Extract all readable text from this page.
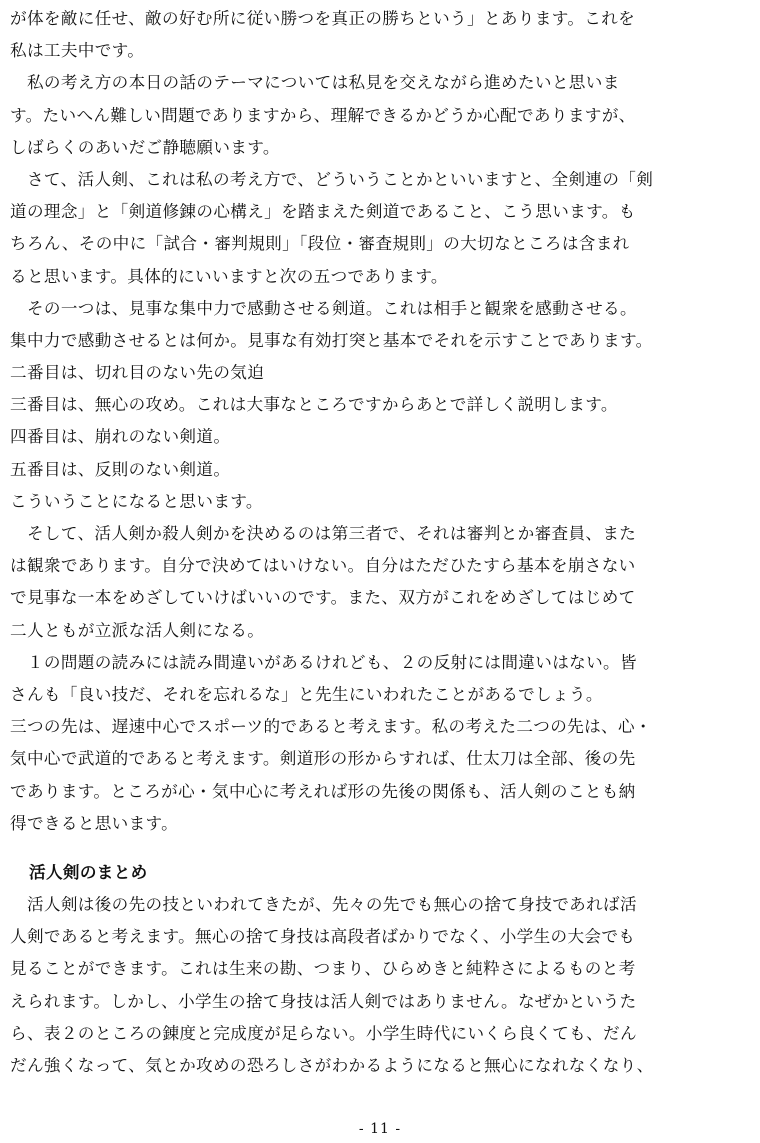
が体を敵に任せ、敵の好む所に従い勝つを真正の勝ちという」とあります。これを
私は工夫中です。
　私の考え方の本日の話のテーマについては私見を交えながら進めたいと思いま
す。たいへん難しい問題でありますから、理解できるかどうか心配でありますが、
しばらくのあいだご静聴願います。
　さて、活人剣、これは私の考え方で、どういうことかといいますと、全剣連の「剣
道の理念」と「剣道修錬の心構え」を踏まえた剣道であること、こう思います。も
ちろん、その中に「試合・審判規則」「段位・審査規則」の大切なところは含まれ
ると思います。具体的にいいますと次の五つであります。
　その一つは、見事な集中力で感動させる剣道。これは相手と観衆を感動させる。
集中力で感動させるとは何か。見事な有効打突と基本でそれを示すことであります。
二番目は、切れ目のない先の気迫
三番目は、無心の攻め。これは大事なところですからあとで詳しく説明します。
四番目は、崩れのない剣道。
五番目は、反則のない剣道。
こういうことになると思います。
　そして、活人剣か殺人剣かを決めるのは第三者で、それは審判とか審査員、また
は観衆であります。自分で決めてはいけない。自分はただひたすら基本を崩さない
で見事な一本をめざしていけばいいのです。また、双方がこれをめざしてはじめて
二人ともが立派な活人剣になる。
　１の問題の読みには読み間違いがあるけれども、２の反射には間違いはない。皆
さんも「良い技だ、それを忘れるな」と先生にいわれたことがあるでしょう。
三つの先は、遅速中心でスポーツ的であると考えます。私の考えた二つの先は、心・
気中心で武道的であると考えます。剣道形の形からすれば、仕太刀は全部、後の先
であります。ところが心・気中心に考えれば形の先後の関係も、活人剣のことも納
得できると思います。
活人剣のまとめ
　活人剣は後の先の技といわれてきたが、先々の先でも無心の捨て身技であれば活
人剣であると考えます。無心の捨て身技は高段者ばかりでなく、小学生の大会でも
見ることができます。これは生来の勘、つまり、ひらめきと純粋さによるものと考
えられます。しかし、小学生の捨て身技は活人剣ではありません。なぜかというた
ら、表２のところの錬度と完成度が足らない。小学生時代にいくら良くても、だん
だん強くなって、気とか攻めの恐ろしさがわかるようになると無心になれなくなり、
- 11 -
